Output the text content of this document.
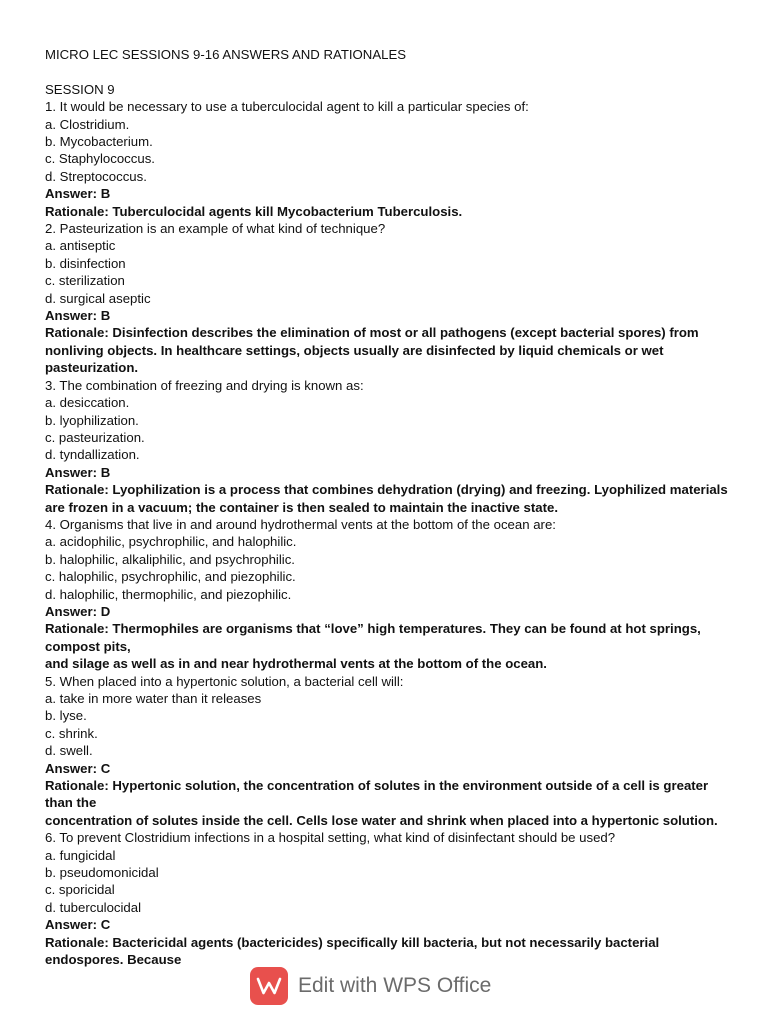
MICRO LEC SESSIONS 9-16 ANSWERS AND RATIONALES
SESSION 9
1. It would be necessary to use a tuberculocidal agent to kill a particular species of:
a. Clostridium.
b. Mycobacterium.
c. Staphylococcus.
d. Streptococcus.
Answer: B
Rationale: Tuberculocidal agents kill Mycobacterium Tuberculosis.
2. Pasteurization is an example of what kind of technique?
a. antiseptic
b. disinfection
c. sterilization
d. surgical aseptic
Answer: B
Rationale: Disinfection describes the elimination of most or all pathogens (except bacterial spores) from nonliving objects. In healthcare settings, objects usually are disinfected by liquid chemicals or wet pasteurization.
3. The combination of freezing and drying is known as:
a. desiccation.
b. lyophilization.
c. pasteurization.
d. tyndallization.
Answer: B
Rationale: Lyophilization is a process that combines dehydration (drying) and freezing. Lyophilized materials are frozen in a vacuum; the container is then sealed to maintain the inactive state.
4. Organisms that live in and around hydrothermal vents at the bottom of the ocean are:
a. acidophilic, psychrophilic, and halophilic.
b. halophilic, alkaliphilic, and psychrophilic.
c. halophilic, psychrophilic, and piezophilic.
d. halophilic, thermophilic, and piezophilic.
Answer: D
Rationale: Thermophiles are organisms that “love” high temperatures. They can be found at hot springs, compost pits,
and silage as well as in and near hydrothermal vents at the bottom of the ocean.
5. When placed into a hypertonic solution, a bacterial cell will:
a. take in more water than it releases
b. lyse.
c. shrink.
d. swell.
Answer: C
Rationale: Hypertonic solution, the concentration of solutes in the environment outside of a cell is greater than the
concentration of solutes inside the cell. Cells lose water and shrink when placed into a hypertonic solution.
6. To prevent Clostridium infections in a hospital setting, what kind of disinfectant should be used?
a. fungicidal
b. pseudomonicidal
c. sporicidal
d. tuberculocidal
Answer: C
Rationale: Bactericidal agents (bactericides) specifically kill bacteria, but not necessarily bacterial endospores. Because
Edit with WPS Office
